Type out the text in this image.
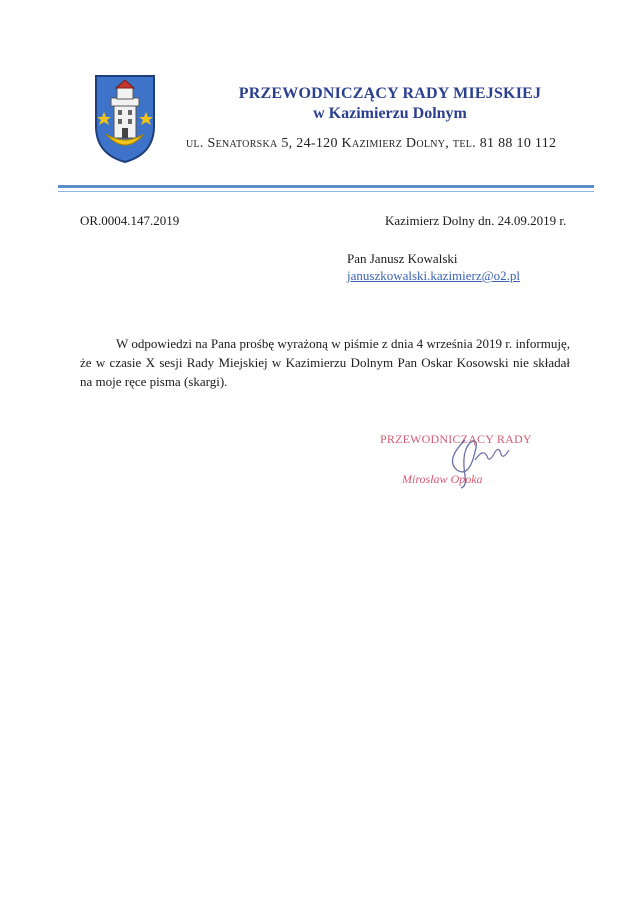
PRZEWODNICZĄCY RADY MIEJSKIEJ
w Kazimierzu Dolnym
ul. Senatorska 5, 24-120 Kazimierz Dolny, tel. 81 88 10 112
OR.0004.147.2019	Kazimierz Dolny dn. 24.09.2019 r.
Pan Janusz Kowalski
januszkowalski.kazimierz@o2.pl
W odpowiedzi na Pana prośbę wyrażoną w piśmie z dnia 4 września 2019 r. informuję, że w czasie X sesji Rady Miejskiej w Kazimierzu Dolnym Pan Oskar Kosowski nie składał na moje ręce pisma (skargi).
PRZEWODNICZĄCY RADY
Mirosław Opoka
